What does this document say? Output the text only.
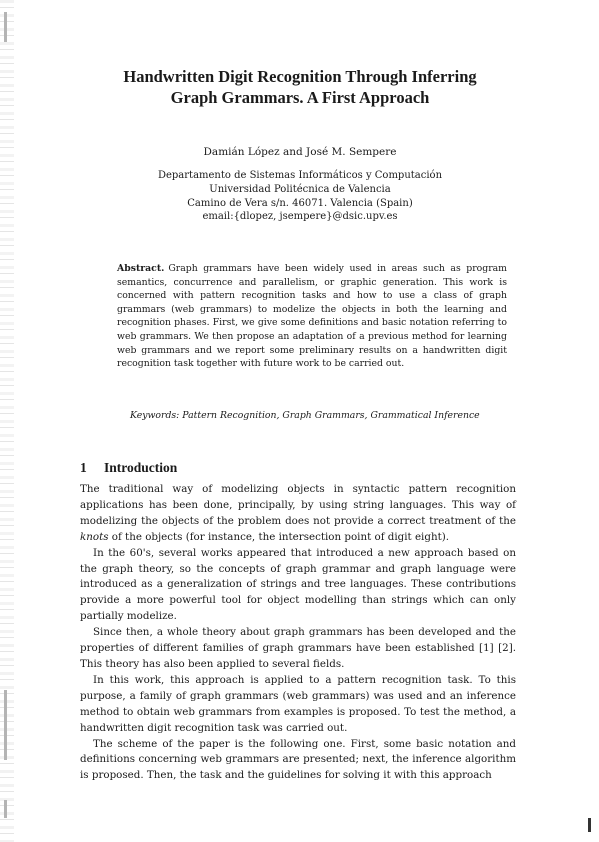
Handwritten Digit Recognition Through Inferring
Graph Grammars. A First Approach
Damián López and José M. Sempere
Departamento de Sistemas Informáticos y Computación
Universidad Politécnica de Valencia
Camino de Vera s/n. 46071. Valencia (Spain)
email:{dlopez, jsempere}@dsic.upv.es

Abstract. Graph grammars have been widely used in areas such as program semantics, concurrence and parallelism, or graphic generation. This work is concerned with pattern recognition tasks and how to use a class of graph grammars (web grammars) to modelize the objects in both the learning and recognition phases. First, we give some definitions and basic notation referring to web grammars. We then propose an adaptation of a previous method for learning web grammars and we report some preliminary results on a handwritten digit recognition task together with future work to be carried out.

Keywords: Pattern Recognition, Graph Grammars, Grammatical Inference
1 Introduction

The traditional way of modelizing objects in syntactic pattern recognition applications has been done, principally, by using string languages. This way of modelizing the objects of the problem does not provide a correct treatment of the knots of the objects (for instance, the intersection point of digit eight).

In the 60's, several works appeared that introduced a new approach based on the graph theory, so the concepts of graph grammar and graph language were introduced as a generalization of strings and tree languages. These contributions provide a more powerful tool for object modelling than strings which can only partially modelize.

Since then, a whole theory about graph grammars has been developed and the properties of different families of graph grammars have been established [1] [2]. This theory has also been applied to several fields.

In this work, this approach is applied to a pattern recognition task. To this purpose, a family of graph grammars (web grammars) was used and an inference method to obtain web grammars from examples is proposed. To test the method, a handwritten digit recognition task was carried out.

The scheme of the paper is the following one. First, some basic notation and definitions concerning web grammars are presented; next, the inference algorithm is proposed. Then, the task and the guidelines for solving it with this approach
